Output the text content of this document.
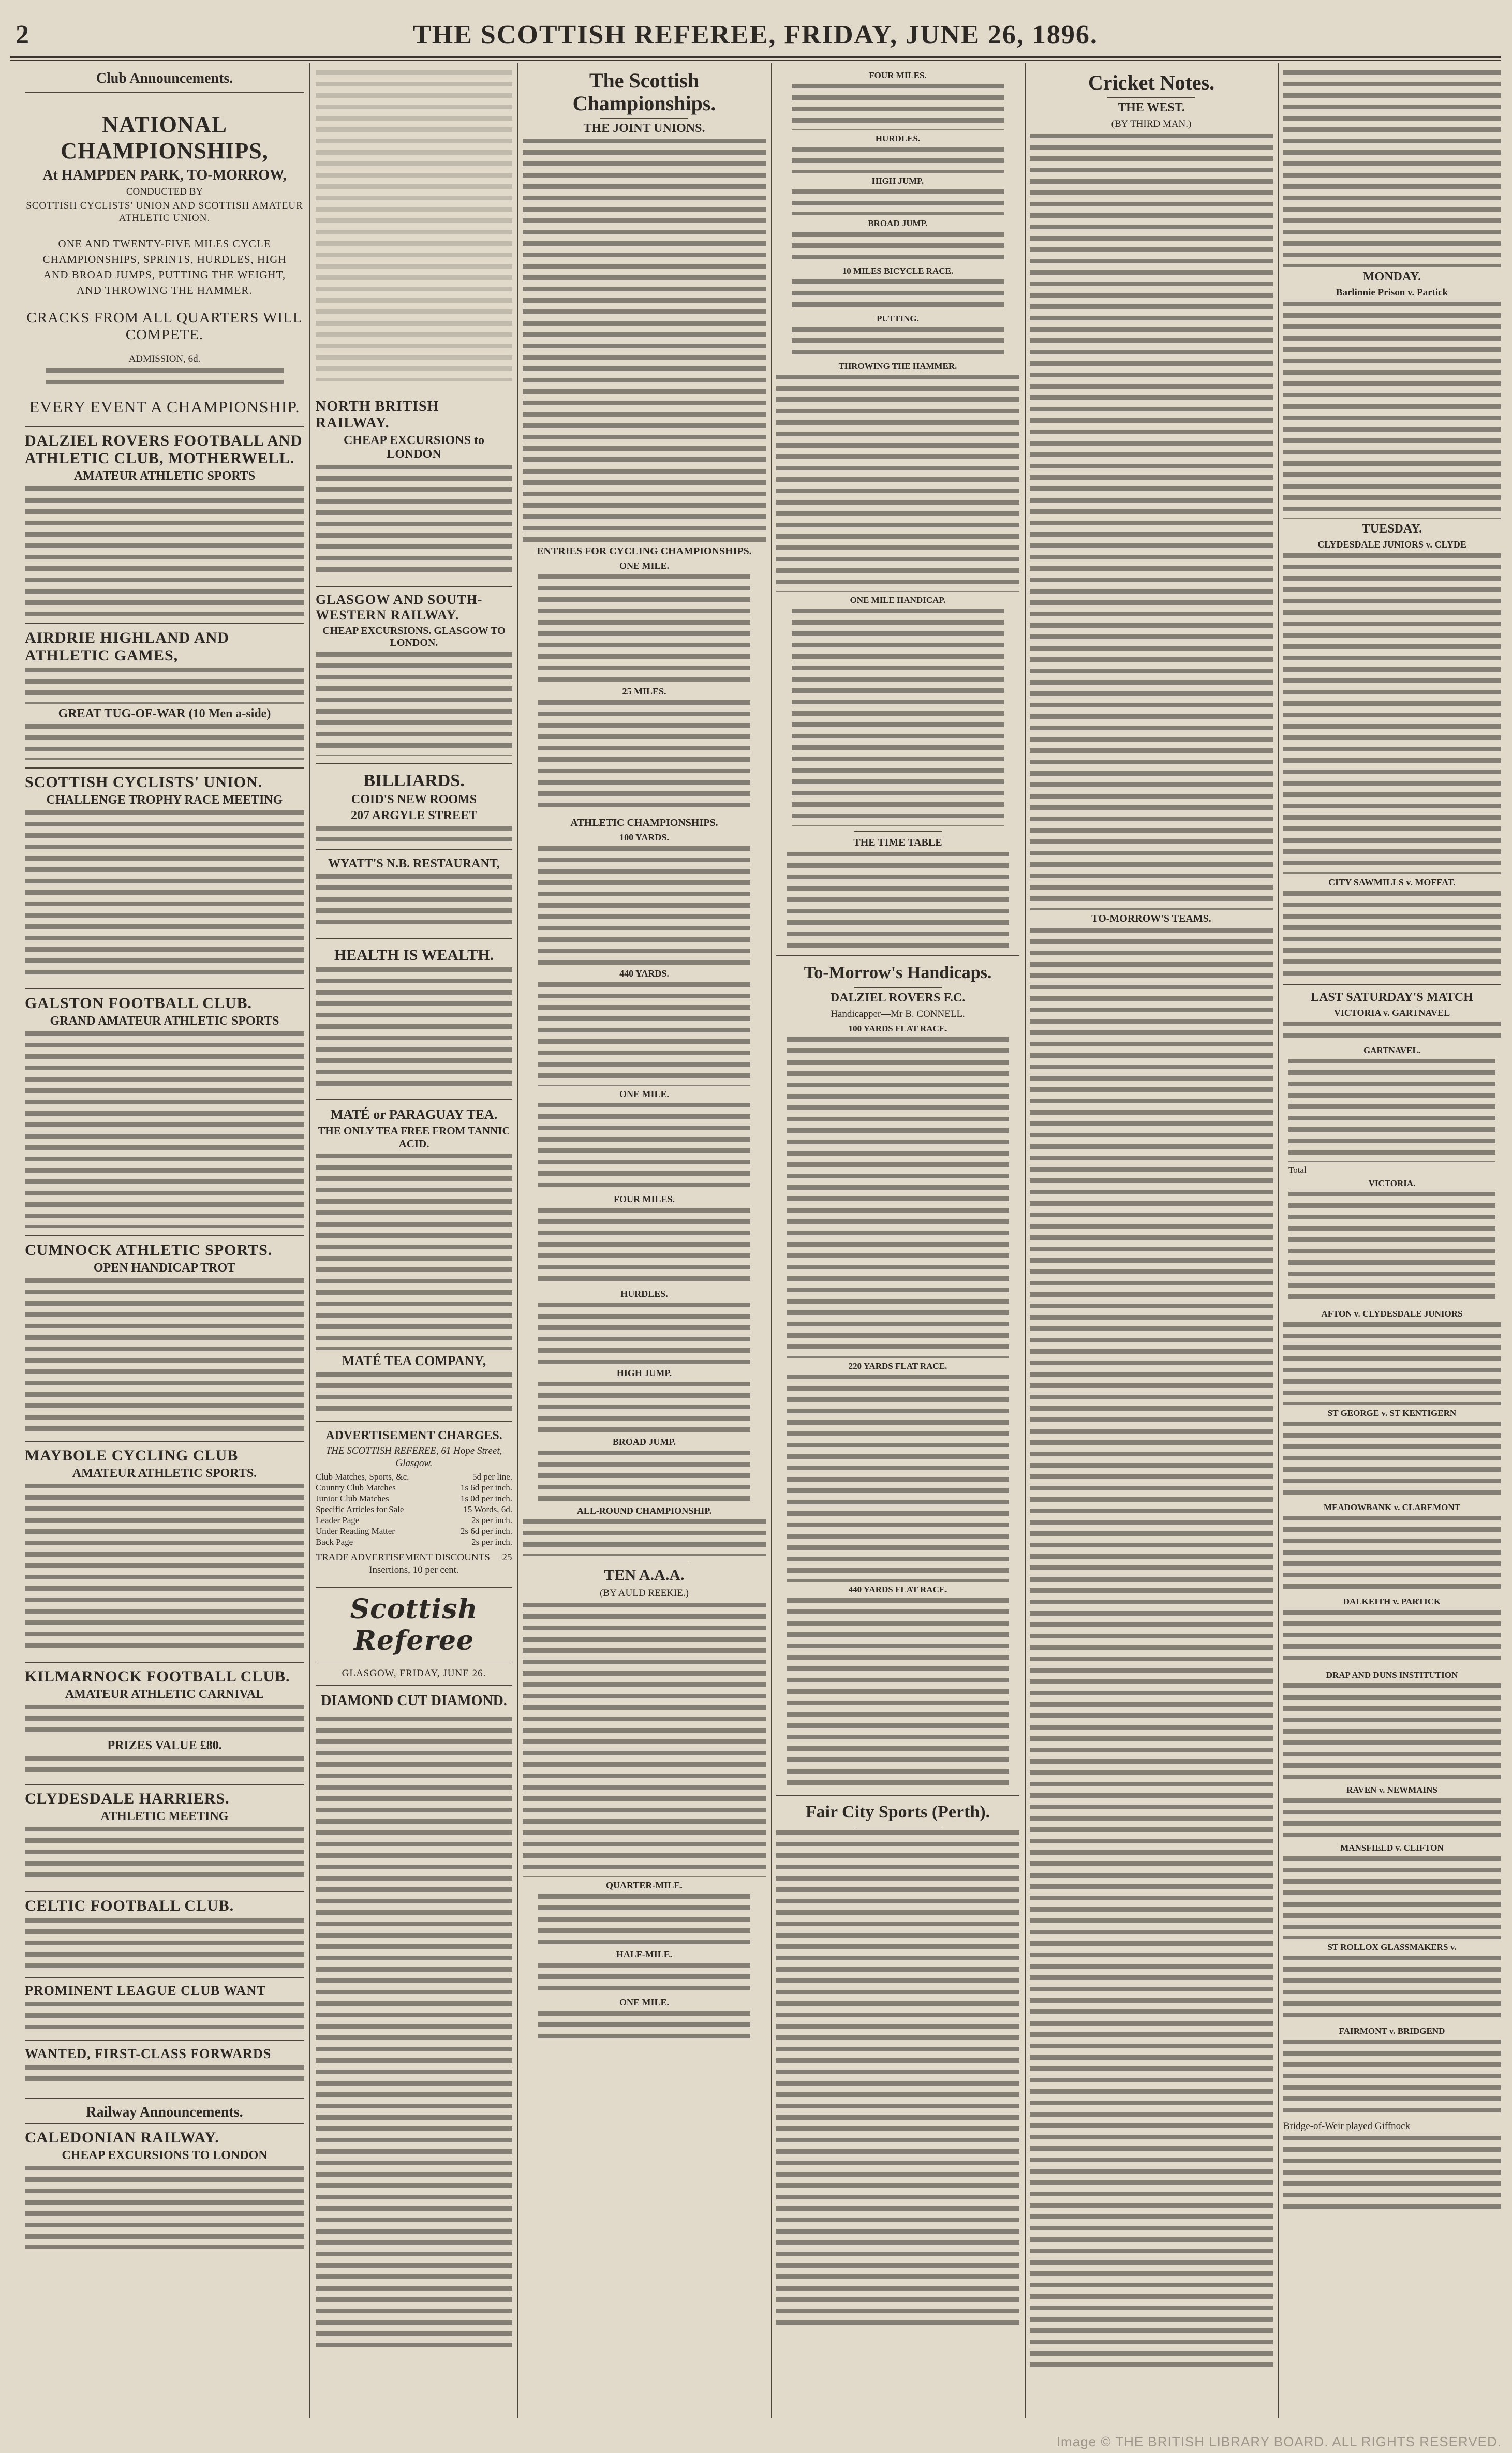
2	THE SCOTTISH REFEREE, FRIDAY, JUNE 26, 1896.
Club Announcements.
NATIONAL CHAMPIONSHIPS,
At HAMPDEN PARK, TO-MORROW,
CONDUCTED BY
SCOTTISH CYCLISTS' UNION AND SCOTTISH AMATEUR ATHLETIC UNION.
ONE AND TWENTY-FIVE MILES CYCLE CHAMPIONSHIPS, SPRINTS, HURDLES, HIGH AND BROAD JUMPS, PUTTING THE WEIGHT, AND THROWING THE HAMMER.
CRACKS FROM ALL QUARTERS WILL COMPETE.
ADMISSION, 6d.
EVERY EVENT A CHAMPIONSHIP.
DALZIEL ROVERS FOOTBALL AND ATHLETIC CLUB, MOTHERWELL.
AMATEUR ATHLETIC SPORTS
AIRDRIE HIGHLAND AND ATHLETIC GAMES,
GREAT TUG-OF-WAR (10 Men a-side)
SCOTTISH CYCLISTS' UNION.
CHALLENGE TROPHY RACE MEETING
GALSTON FOOTBALL CLUB.
GRAND AMATEUR ATHLETIC SPORTS
CUMNOCK ATHLETIC SPORTS.
OPEN HANDICAP TROT
MAYBOLE CYCLING CLUB
AMATEUR ATHLETIC SPORTS.
KILMARNOCK FOOTBALL CLUB.
AMATEUR ATHLETIC CARNIVAL
PRIZES VALUE £80.
CLYDESDALE HARRIERS.
ATHLETIC MEETING
CELTIC FOOTBALL CLUB.
PROMINENT LEAGUE CLUB WANT
WANTED, FIRST-CLASS FORWARDS
Railway Announcements.
CALEDONIAN RAILWAY.
CHEAP EXCURSIONS TO LONDON
NORTH BRITISH RAILWAY.
CHEAP EXCURSIONS to LONDON
GLASGOW AND SOUTH-WESTERN RAILWAY.
CHEAP EXCURSIONS. GLASGOW TO LONDON.
BILLIARDS.
COID'S NEW ROOMS
207 ARGYLE STREET
WYATT'S N.B. RESTAURANT,
HEALTH IS WEALTH.
MATÉ or PARAGUAY TEA.
THE ONLY TEA FREE FROM TANNIC ACID.
MATÉ TEA COMPANY,
ADVERTISEMENT CHARGES.
THE SCOTTISH REFEREE, 61 Hope Street, Glasgow.
Club Matches, Sports, &c.	5d per line.
Country Club Matches	1s 6d per inch.
Junior Club Matches	1s 0d per inch.
Specific Articles for Sale	15 Words, 6d.
Leader Page	2s per inch.
Under Reading Matter	2s 6d per inch.
Back Page	2s per inch.
TRADE ADVERTISEMENT DISCOUNTS— 25 Insertions, 10 per cent.
Scottish Referee
GLASGOW, FRIDAY, JUNE 26.
DIAMOND CUT DIAMOND.
The Scottish Championships.
THE JOINT UNIONS.
ENTRIES FOR CYCLING CHAMPIONSHIPS.
ONE MILE.
25 MILES.
ATHLETIC CHAMPIONSHIPS.
100 YARDS.
440 YARDS.
ONE MILE.
FOUR MILES.
HURDLES.
HIGH JUMP.
BROAD JUMP.
ALL-ROUND CHAMPIONSHIP.
TEN A.A.A.
(BY AULD REEKIE.)
QUARTER-MILE.
HALF-MILE.
ONE MILE.
FOUR MILES.
HURDLES.
HIGH JUMP.
BROAD JUMP.
10 MILES BICYCLE RACE.
PUTTING.
THROWING THE HAMMER.
ONE MILE HANDICAP.
THE TIME TABLE
To-Morrow's Handicaps.
DALZIEL ROVERS F.C.
Handicapper—Mr B. CONNELL.
100 YARDS FLAT RACE.
220 YARDS FLAT RACE.
440 YARDS FLAT RACE.
Fair City Sports (Perth).
Cricket Notes.
THE WEST.
(BY THIRD MAN.)
TO-MORROW'S TEAMS.
MONDAY.
Barlinnie Prison v. Partick
TUESDAY.
CLYDESDALE JUNIORS v. CLYDE
CITY SAWMILLS v. MOFFAT.
LAST SATURDAY'S MATCH
VICTORIA v. GARTNAVEL
GARTNAVEL.
Total
VICTORIA.
AFTON v. CLYDESDALE JUNIORS
ST GEORGE v. ST KENTIGERN
MEADOWBANK v. CLAREMONT
DALKEITH v. PARTICK
DRAP AND DUNS INSTITUTION
RAVEN v. NEWMAINS
MANSFIELD v. CLIFTON
ST ROLLOX GLASSMAKERS v.
FAIRMONT v. BRIDGEND
Bridge-of-Weir played Giffnock
Image © THE BRITISH LIBRARY BOARD. ALL RIGHTS RESERVED.
